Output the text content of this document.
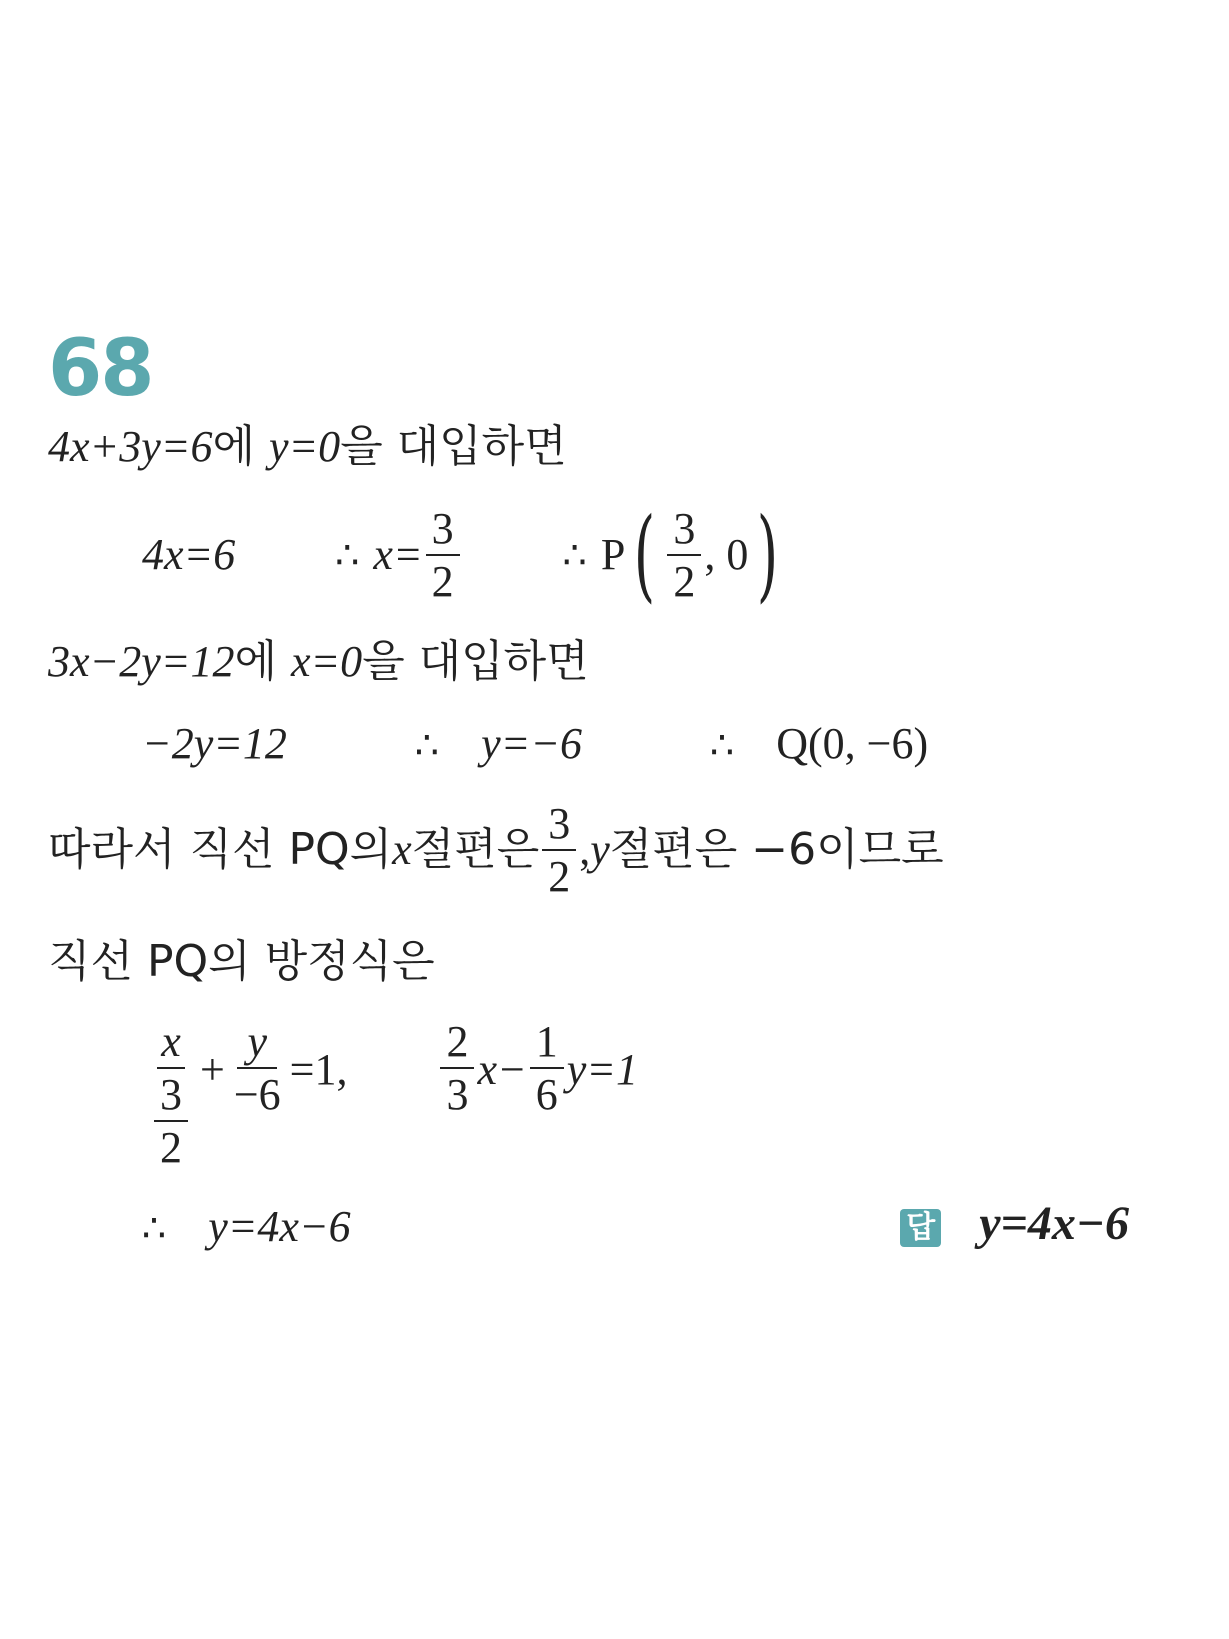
68
4x+3y=6에 y=0을 대입하면
4x=6	∴ $x= \frac{3}{2}$	∴ P ( $\frac{3}{2}$ , 0 )
3x−2y=12에 x=0을 대입하면
−2y=12	∴ y=−6	∴ Q(0, −6)
따라서 직선 PQ의 x 절편은 $\frac{3}{2}$ , y 절편은 −6이므로
직선 PQ의 방정식은
$\frac{x}{\frac{3}{2}} + \frac{y}{-6} =1$, $\frac{2}{3} x- \frac{1}{6} y=1$
∴ y=4x−6	답 y=4x−6
